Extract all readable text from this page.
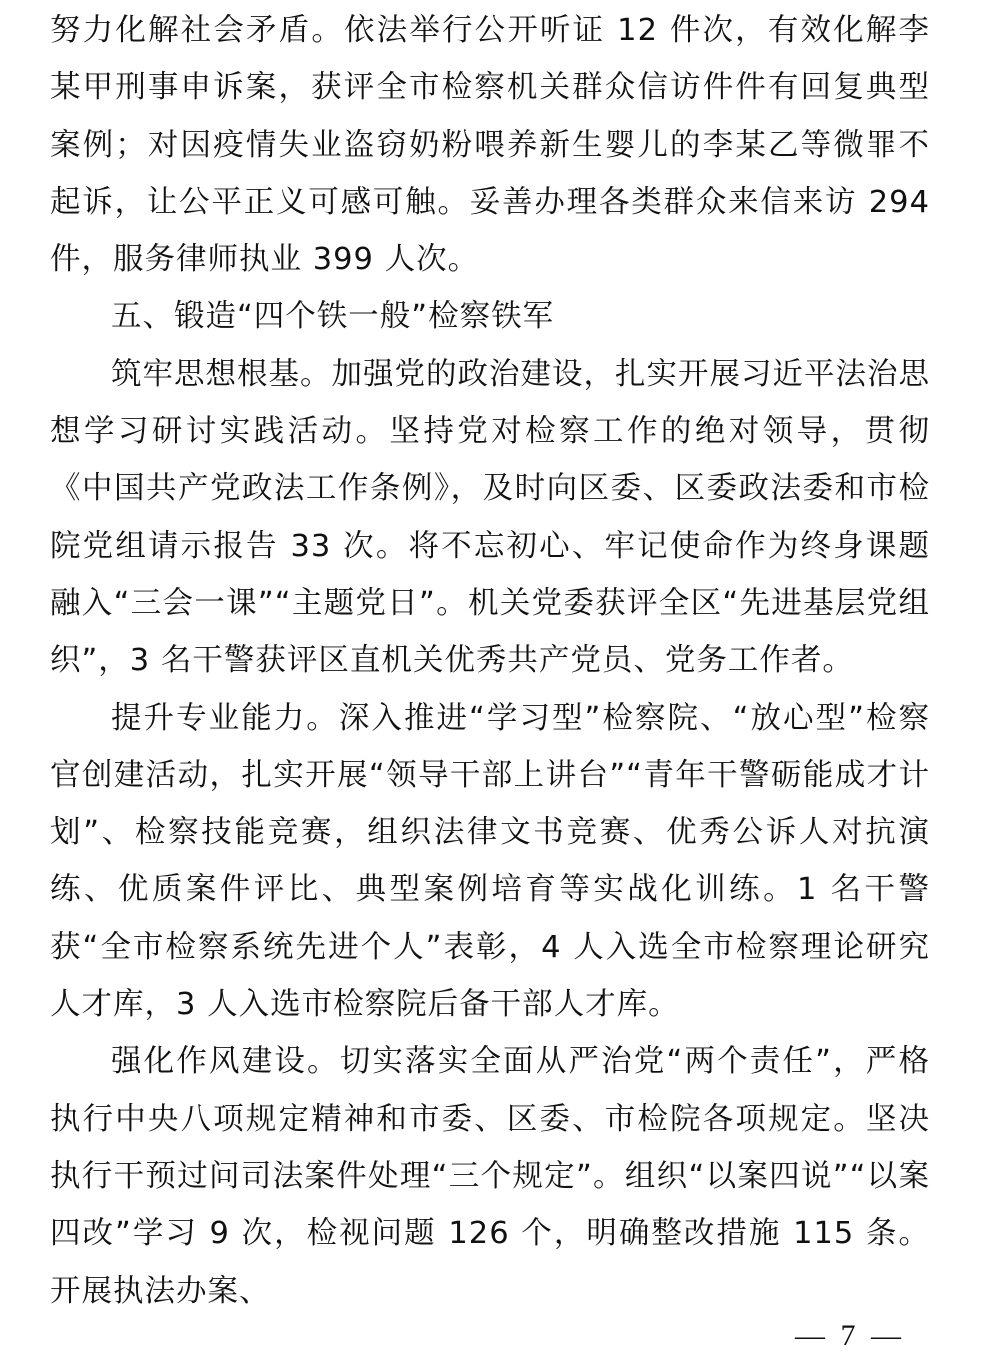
努力化解社会矛盾。依法举行公开听证 12 件次，有效化解李某甲刑事申诉案，获评全市检察机关群众信访件件有回复典型案例；对因疫情失业盗窃奶粉喂养新生婴儿的李某乙等微罪不起诉，让公平正义可感可触。妥善办理各类群众来信来访 294 件，服务律师执业 399 人次。

五、锻造“四个铁一般”检察铁军

筑牢思想根基。加强党的政治建设，扎实开展习近平法治思想学习研讨实践活动。坚持党对检察工作的绝对领导，贯彻《中国共产党政法工作条例》，及时向区委、区委政法委和市检院党组请示报告 33 次。将不忘初心、牢记使命作为终身课题融入“三会一课”“主题党日”。机关党委获评全区“先进基层党组织”，3 名干警获评区直机关优秀共产党员、党务工作者。

提升专业能力。深入推进“学习型”检察院、“放心型”检察官创建活动，扎实开展“领导干部上讲台”“青年干警砺能成才计划”、检察技能竞赛，组织法律文书竞赛、优秀公诉人对抗演练、优质案件评比、典型案例培育等实战化训练。1 名干警获“全市检察系统先进个人”表彰，4 人入选全市检察理论研究人才库，3 人入选市检察院后备干部人才库。

强化作风建设。切实落实全面从严治党“两个责任”，严格执行中央八项规定精神和市委、区委、市检院各项规定。坚决执行干预过问司法案件处理“三个规定”。组织“以案四说”“以案四改”学习 9 次，检视问题 126 个，明确整改措施 115 条。开展执法办案、

— 7 —
